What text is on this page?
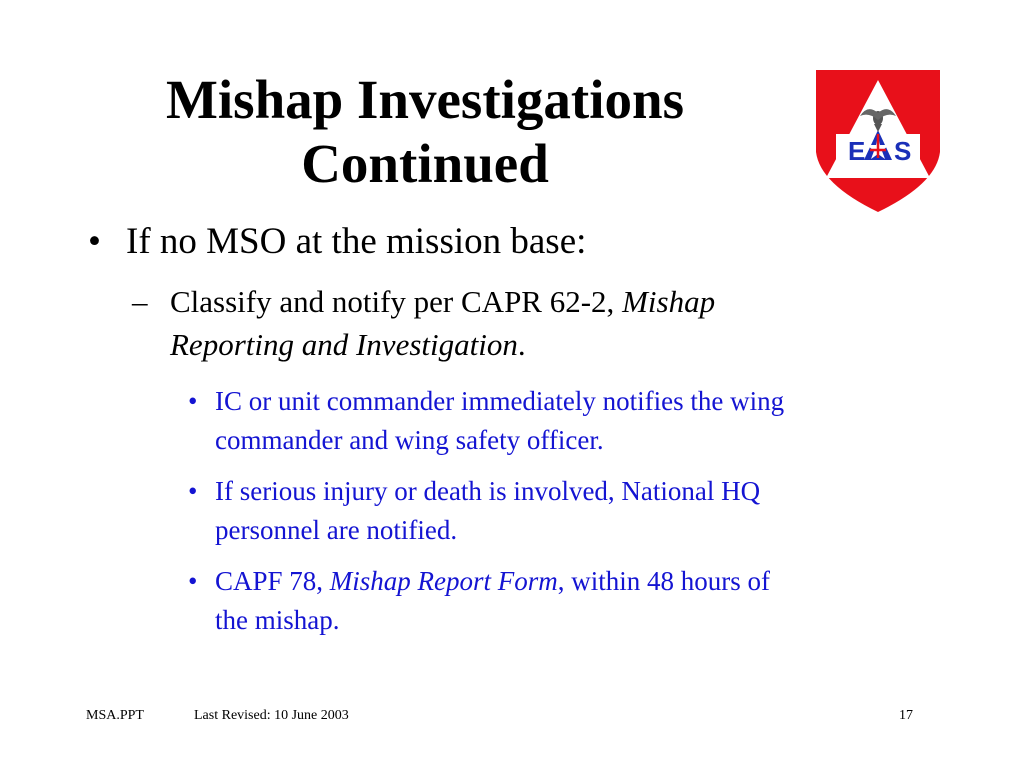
Mishap Investigations
Continued	E S
• If no MSO at the mission base:
– Classify and notify per CAPR 62-2, Mishap
Reporting and Investigation.
• IC or unit commander immediately notifies the wing
commander and wing safety officer.
• If serious injury or death is involved, National HQ
personnel are notified.
• CAPF 78, Mishap Report Form, within 48 hours of
the mishap.
MSA.PPT	Last Revised: 10 June 2003	17
